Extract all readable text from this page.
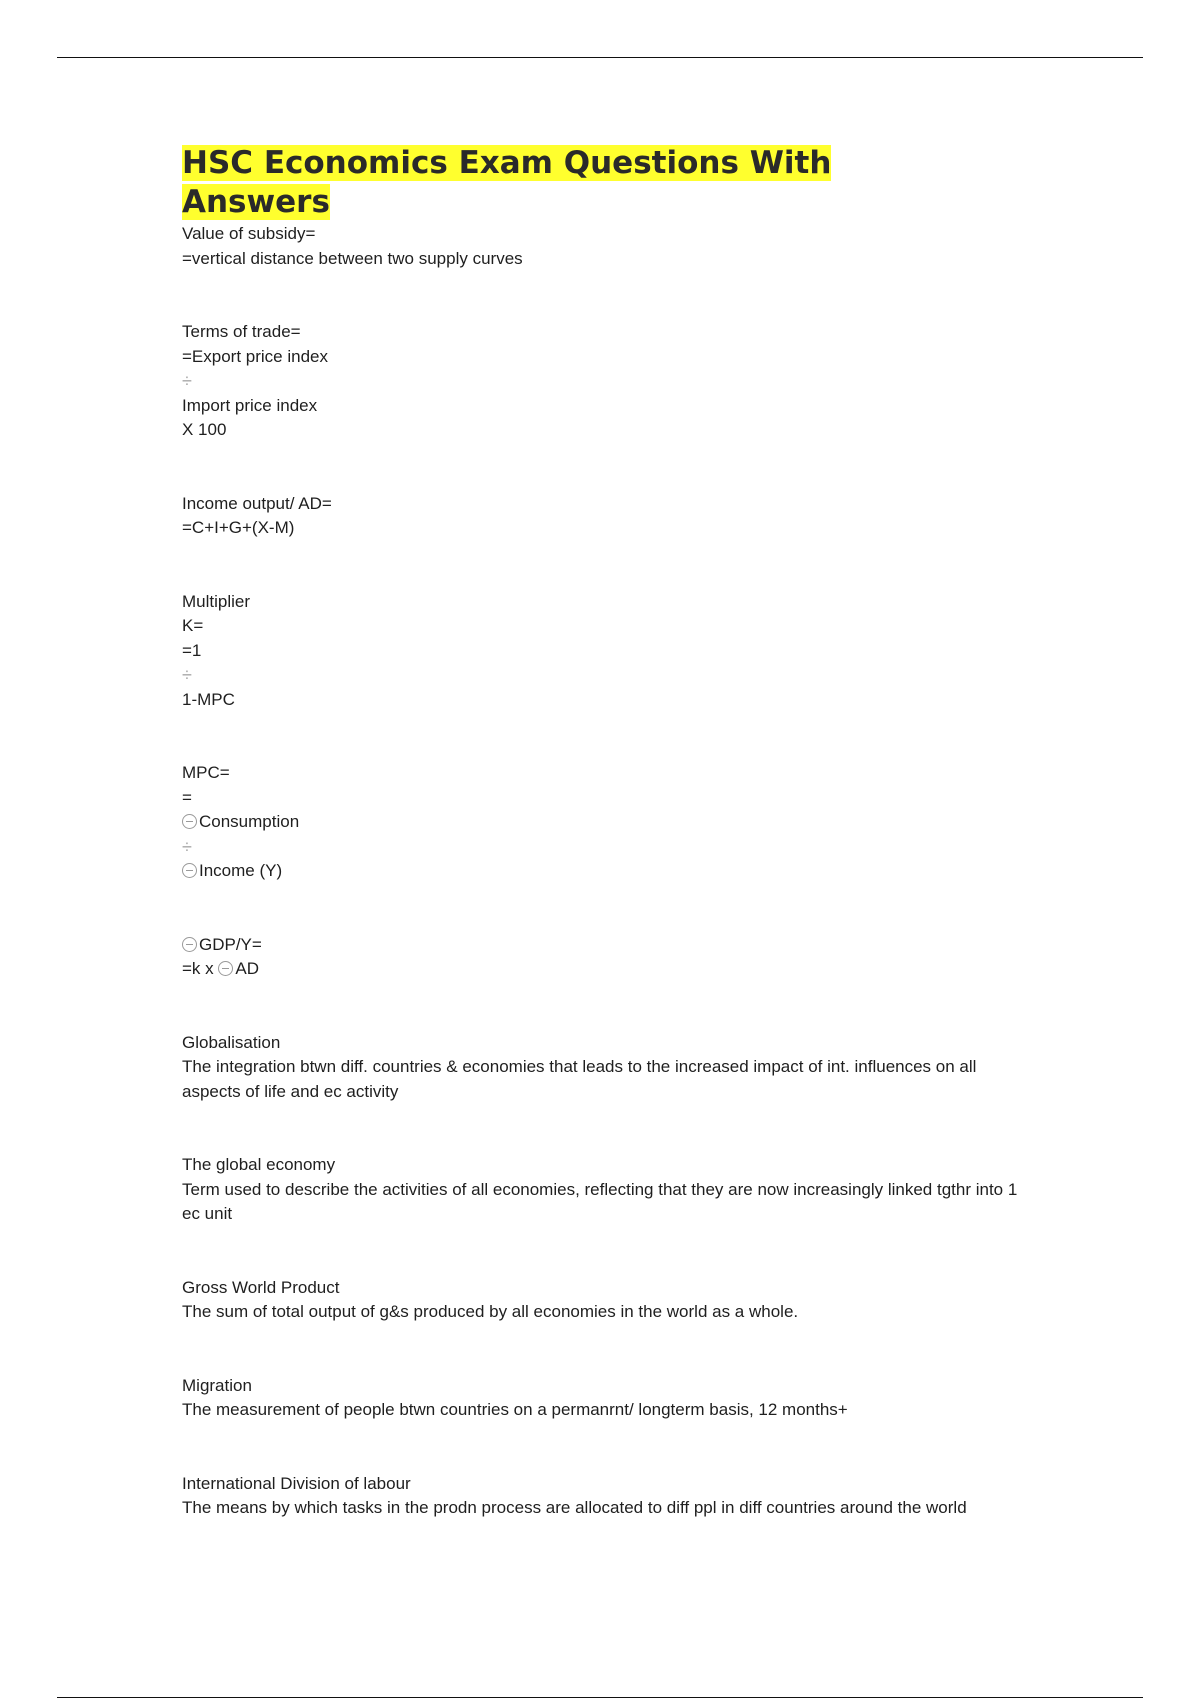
HSC Economics Exam Questions With Answers
Value of subsidy=
=vertical distance between two supply curves
Terms of trade=
=Export price index
÷
Import price index
X 100
Income output/ AD=
=C+I+G+(X-M)
Multiplier
K=
=1
÷
1-MPC
MPC=
=
Consumption
÷
Income (Y)
GDP/Y=
=k x AD
Globalisation
The integration btwn diff. countries & economies that leads to the increased impact of int. influences on all aspects of life and ec activity
The global economy
Term used to describe the activities of all economies, reflecting that they are now increasingly linked tgthr into 1 ec unit
Gross World Product
The sum of total output of g&s produced by all economies in the world as a whole.
Migration
The measurement of people btwn countries on a permanrnt/ longterm basis, 12 months+
International Division of labour
The means by which tasks in the prodn process are allocated to diff ppl in diff countries around the world
